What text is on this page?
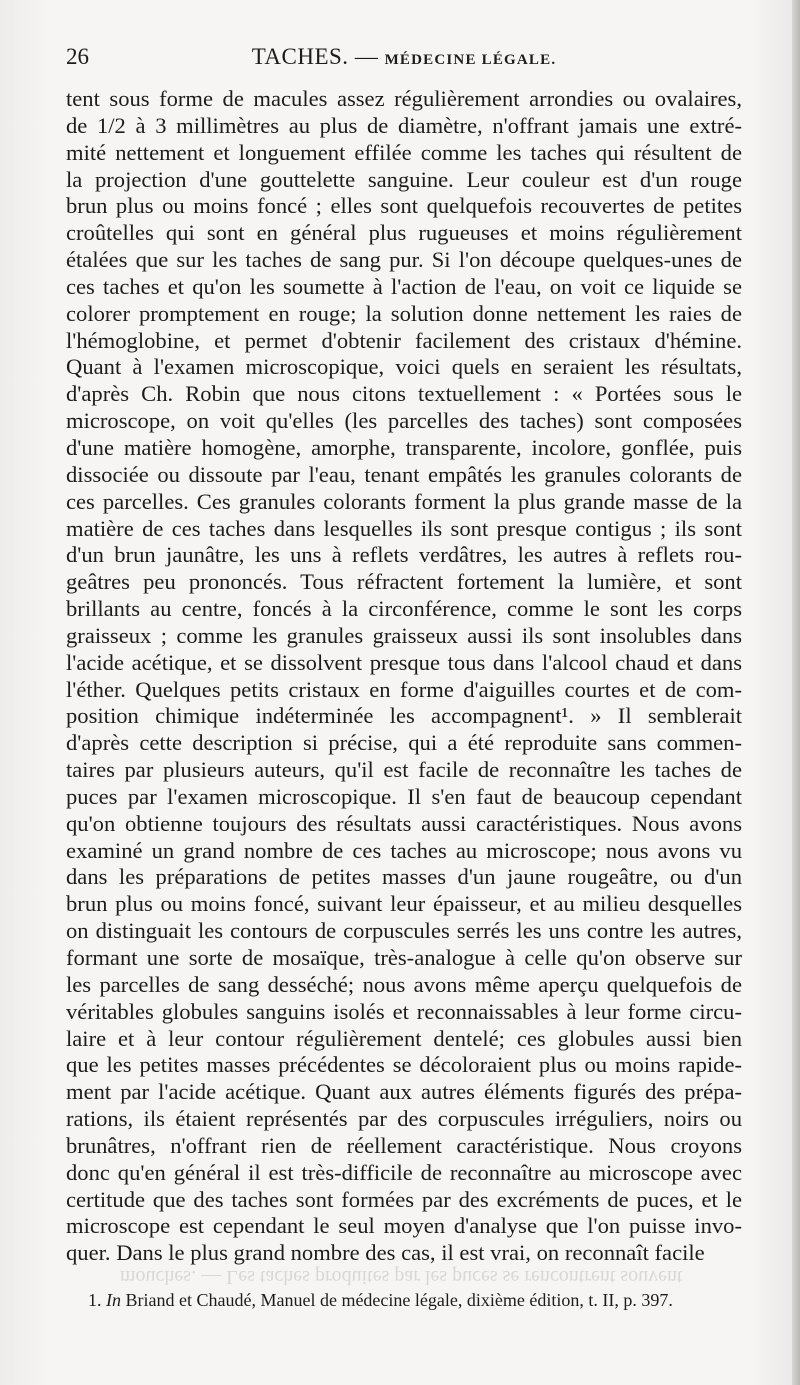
26	TACHES. — MÉDECINE LÉGALE.
tent sous forme de macules assez régulièrement arrondies ou ovalaires,
de 1/2 à 3 millimètres au plus de diamètre, n'offrant jamais une extré-
mité nettement et longuement effilée comme les taches qui résultent de
la projection d'une gouttelette sanguine. Leur couleur est d'un rouge
brun plus ou moins foncé ; elles sont quelquefois recouvertes de petites
croûtelles qui sont en général plus rugueuses et moins régulièrement
étalées que sur les taches de sang pur. Si l'on découpe quelques-unes de
ces taches et qu'on les soumette à l'action de l'eau, on voit ce liquide se
colorer promptement en rouge; la solution donne nettement les raies de
l'hémoglobine, et permet d'obtenir facilement des cristaux d'hémine.
Quant à l'examen microscopique, voici quels en seraient les résultats,
d'après Ch. Robin que nous citons textuellement : « Portées sous le
microscope, on voit qu'elles (les parcelles des taches) sont composées
d'une matière homogène, amorphe, transparente, incolore, gonflée, puis
dissociée ou dissoute par l'eau, tenant empâtés les granules colorants de
ces parcelles. Ces granules colorants forment la plus grande masse de la
matière de ces taches dans lesquelles ils sont presque contigus ; ils sont
d'un brun jaunâtre, les uns à reflets verdâtres, les autres à reflets rou-
geâtres peu prononcés. Tous réfractent fortement la lumière, et sont
brillants au centre, foncés à la circonférence, comme le sont les corps
graisseux ; comme les granules graisseux aussi ils sont insolubles dans
l'acide acétique, et se dissolvent presque tous dans l'alcool chaud et dans
l'éther. Quelques petits cristaux en forme d'aiguilles courtes et de com-
position chimique indéterminée les accompagnent¹. » Il semblerait
d'après cette description si précise, qui a été reproduite sans commen-
taires par plusieurs auteurs, qu'il est facile de reconnaître les taches de
puces par l'examen microscopique. Il s'en faut de beaucoup cependant
qu'on obtienne toujours des résultats aussi caractéristiques. Nous avons
examiné un grand nombre de ces taches au microscope; nous avons vu
dans les préparations de petites masses d'un jaune rougeâtre, ou d'un
brun plus ou moins foncé, suivant leur épaisseur, et au milieu desquelles
on distinguait les contours de corpuscules serrés les uns contre les autres,
formant une sorte de mosaïque, très-analogue à celle qu'on observe sur
les parcelles de sang desséché; nous avons même aperçu quelquefois de
véritables globules sanguins isolés et reconnaissables à leur forme circu-
laire et à leur contour régulièrement dentelé; ces globules aussi bien
que les petites masses précédentes se décoloraient plus ou moins rapide-
ment par l'acide acétique. Quant aux autres éléments figurés des prépa-
rations, ils étaient représentés par des corpuscules irréguliers, noirs ou
brunâtres, n'offrant rien de réellement caractéristique. Nous croyons
donc qu'en général il est très-difficile de reconnaître au microscope avec
certitude que des taches sont formées par des excréments de puces, et le
microscope est cependant le seul moyen d'analyse que l'on puisse invo-
quer. Dans le plus grand nombre des cas, il est vrai, on reconnaît facile
mouches. — Les taches produites par les puces se rencontrent souvent
1. In Briand et Chaudé, Manuel de médecine légale, dixième édition, t. II, p. 397.
